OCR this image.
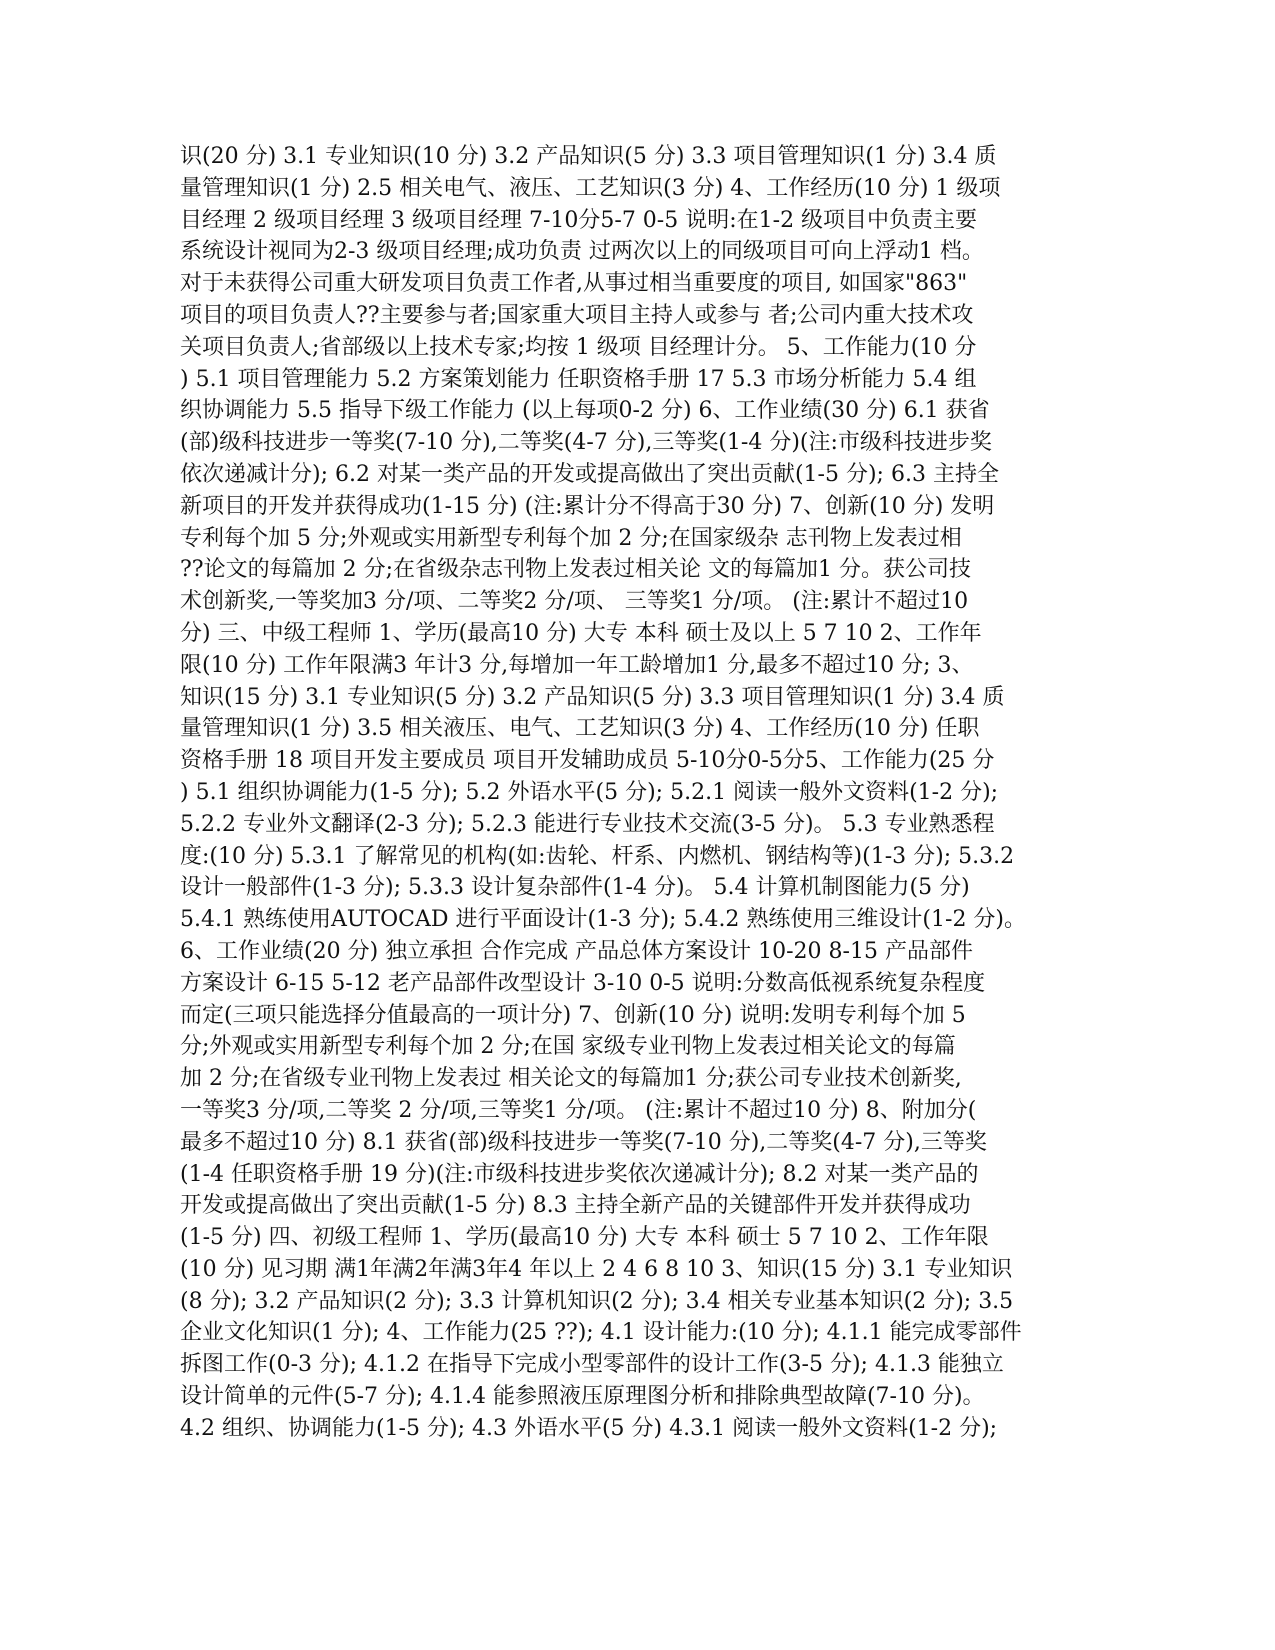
识(20 分) 3.1 专业知识(10 分) 3.2 产品知识(5 分) 3.3 项目管理知识(1 分) 3.4 质
量管理知识(1 分) 2.5 相关电气、液压、工艺知识(3 分) 4、工作经历(10 分) 1 级项
目经理 2 级项目经理 3 级项目经理 7-10分5-7 0-5 说明:在1-2 级项目中负责主要
系统设计视同为2-3 级项目经理;成功负责 过两次以上的同级项目可向上浮动1 档。
对于未获得公司重大研发项目负责工作者,从事过相当重要度的项目, 如国家"863"
项目的项目负责人??主要参与者;国家重大项目主持人或参与 者;公司内重大技术攻
关项目负责人;省部级以上技术专家;均按 1 级项 目经理计分。 5、工作能力(10 分
) 5.1 项目管理能力 5.2 方案策划能力 任职资格手册 17 5.3 市场分析能力 5.4 组
织协调能力 5.5 指导下级工作能力 (以上每项0-2 分) 6、工作业绩(30 分) 6.1 获省
(部)级科技进步一等奖(7-10 分),二等奖(4-7 分),三等奖(1-4 分)(注:市级科技进步奖
依次递减计分); 6.2 对某一类产品的开发或提高做出了突出贡献(1-5 分); 6.3 主持全
新项目的开发并获得成功(1-15 分) (注:累计分不得高于30 分) 7、创新(10 分) 发明
专利每个加 5 分;外观或实用新型专利每个加 2 分;在国家级杂 志刊物上发表过相
??论文的每篇加 2 分;在省级杂志刊物上发表过相关论 文的每篇加1 分。获公司技
术创新奖,一等奖加3 分/项、二等奖2 分/项、 三等奖1 分/项。 (注:累计不超过10
分) 三、中级工程师 1、学历(最高10 分) 大专 本科 硕士及以上 5 7 10 2、工作年
限(10 分) 工作年限满3 年计3 分,每增加一年工龄增加1 分,最多不超过10 分; 3、
知识(15 分) 3.1 专业知识(5 分) 3.2 产品知识(5 分) 3.3 项目管理知识(1 分) 3.4 质
量管理知识(1 分) 3.5 相关液压、电气、工艺知识(3 分) 4、工作经历(10 分) 任职
资格手册 18 项目开发主要成员 项目开发辅助成员 5-10分0-5分5、工作能力(25 分
) 5.1 组织协调能力(1-5 分); 5.2 外语水平(5 分); 5.2.1 阅读一般外文资料(1-2 分);
5.2.2 专业外文翻译(2-3 分); 5.2.3 能进行专业技术交流(3-5 分)。 5.3 专业熟悉程
度:(10 分) 5.3.1 了解常见的机构(如:齿轮、杆系、内燃机、钢结构等)(1-3 分); 5.3.2
设计一般部件(1-3 分); 5.3.3 设计复杂部件(1-4 分)。 5.4 计算机制图能力(5 分)
5.4.1 熟练使用AUTOCAD 进行平面设计(1-3 分); 5.4.2 熟练使用三维设计(1-2 分)。
6、工作业绩(20 分) 独立承担 合作完成 产品总体方案设计 10-20 8-15 产品部件
方案设计 6-15 5-12 老产品部件改型设计 3-10 0-5 说明:分数高低视系统复杂程度
而定(三项只能选择分值最高的一项计分) 7、创新(10 分) 说明:发明专利每个加 5
分;外观或实用新型专利每个加 2 分;在国 家级专业刊物上发表过相关论文的每篇
加 2 分;在省级专业刊物上发表过 相关论文的每篇加1 分;获公司专业技术创新奖,
一等奖3 分/项,二等奖 2 分/项,三等奖1 分/项。 (注:累计不超过10 分) 8、附加分(
最多不超过10 分) 8.1 获省(部)级科技进步一等奖(7-10 分),二等奖(4-7 分),三等奖
(1-4 任职资格手册 19 分)(注:市级科技进步奖依次递减计分); 8.2 对某一类产品的
开发或提高做出了突出贡献(1-5 分) 8.3 主持全新产品的关键部件开发并获得成功
(1-5 分) 四、初级工程师 1、学历(最高10 分) 大专 本科 硕士 5 7 10 2、工作年限
(10 分) 见习期 满1年满2年满3年4 年以上 2 4 6 8 10 3、知识(15 分) 3.1 专业知识
(8 分); 3.2 产品知识(2 分); 3.3 计算机知识(2 分); 3.4 相关专业基本知识(2 分); 3.5
企业文化知识(1 分); 4、工作能力(25 ??); 4.1 设计能力:(10 分); 4.1.1 能完成零部件
拆图工作(0-3 分); 4.1.2 在指导下完成小型零部件的设计工作(3-5 分); 4.1.3 能独立
设计简单的元件(5-7 分); 4.1.4 能参照液压原理图分析和排除典型故障(7-10 分)。
4.2 组织、协调能力(1-5 分); 4.3 外语水平(5 分) 4.3.1 阅读一般外文资料(1-2 分);
